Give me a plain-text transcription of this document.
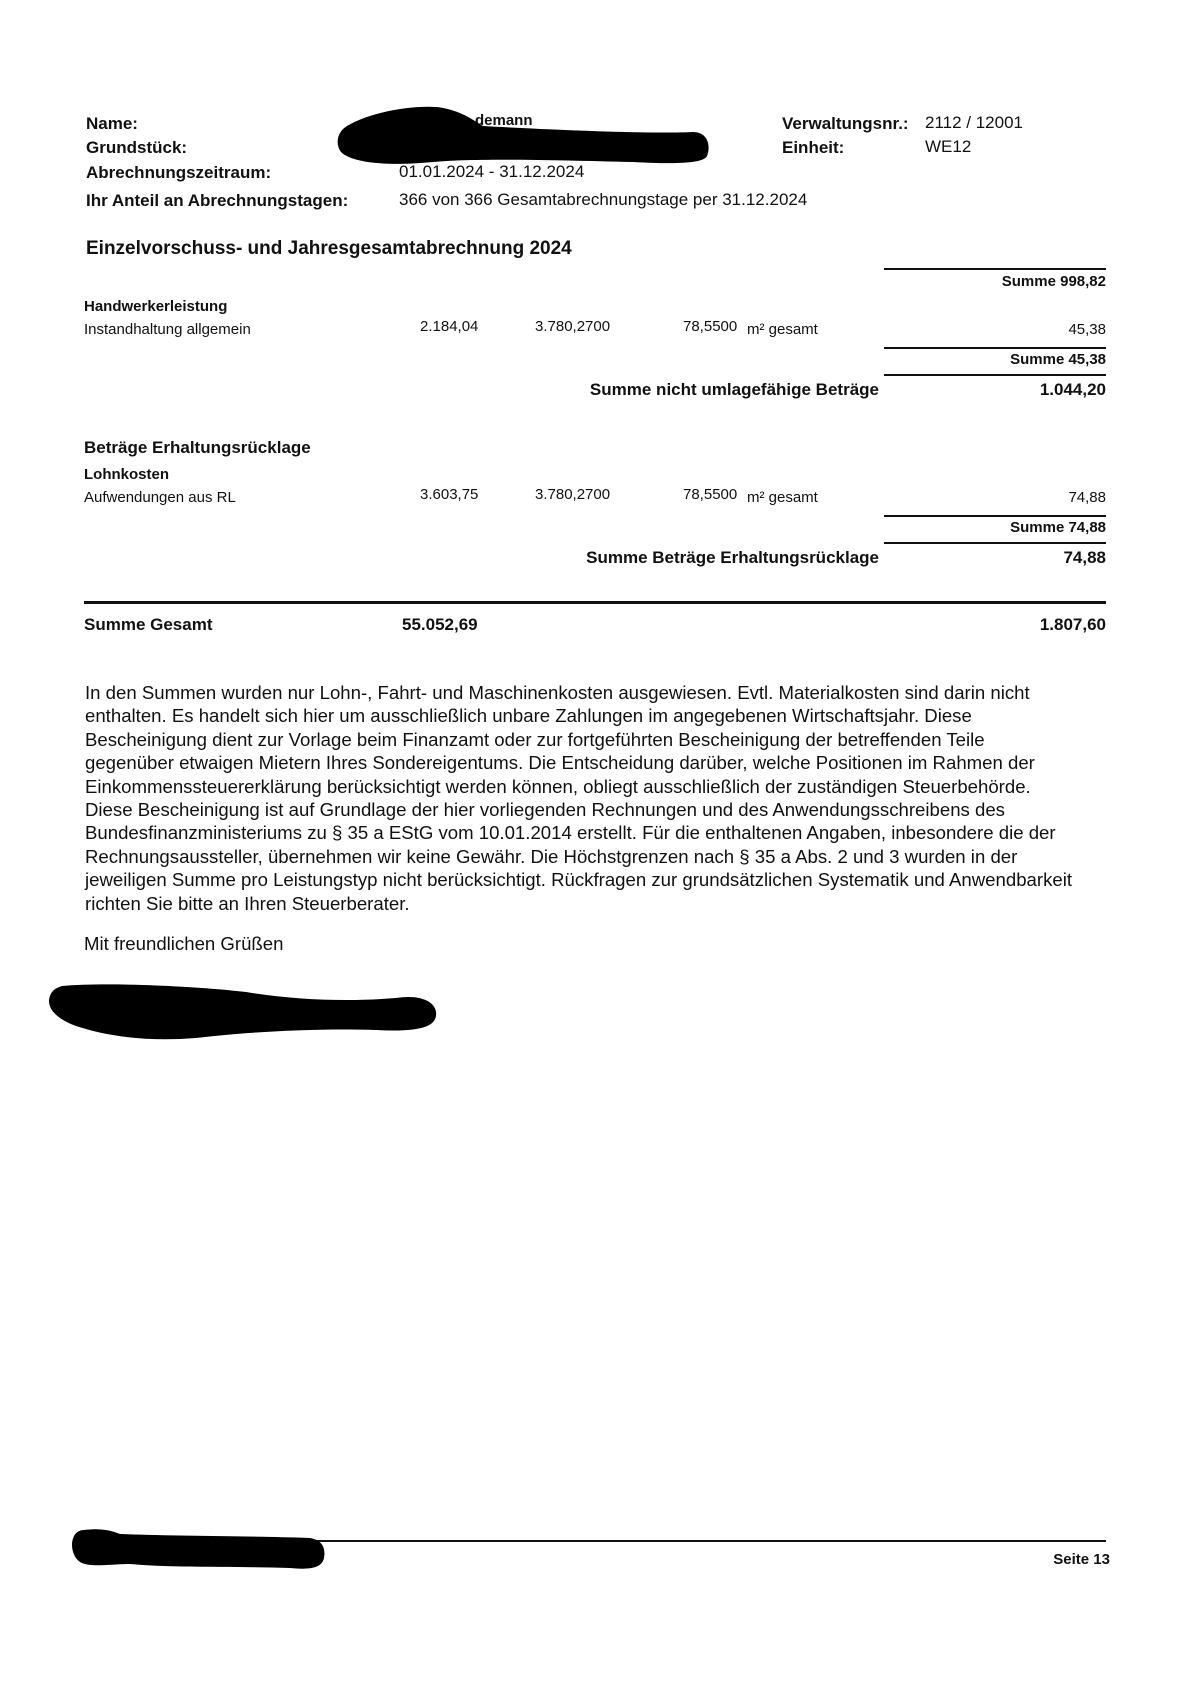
Name:
Grundstück:
Abrechnungszeitraum:	01.01.2024 - 31.12.2024
Ihr Anteil an Abrechnungstagen:	366 von 366 Gesamtabrechnungstage per 31.12.2024
demann	Verwaltungsnr.: 2112 / 12001
Einheit:	WE12
Einzelvorschuss- und Jahresgesamtabrechnung 2024
Summe 998,82
Handwerkerleistung
Instandhaltung allgemein	2.184,04	3.780,2700	78,5500 m² gesamt	45,38
Summe 45,38
Summe nicht umlagefähige Beträge	1.044,20
Beträge Erhaltungsrücklage
Lohnkosten
Aufwendungen aus RL	3.603,75	3.780,2700	78,5500 m² gesamt	74,88
Summe 74,88
Summe Beträge Erhaltungsrücklage	74,88
Summe Gesamt	55.052,69	1.807,60
In den Summen wurden nur Lohn-, Fahrt- und Maschinenkosten ausgewiesen. Evtl. Materialkosten sind darin nicht
enthalten. Es handelt sich hier um ausschließlich unbare Zahlungen im angegebenen Wirtschaftsjahr. Diese
Bescheinigung dient zur Vorlage beim Finanzamt oder zur fortgeführten Bescheinigung der betreffenden Teile
gegenüber etwaigen Mietern Ihres Sondereigentums. Die Entscheidung darüber, welche Positionen im Rahmen der
Einkommenssteuererklärung berücksichtigt werden können, obliegt ausschließlich der zuständigen Steuerbehörde.
Diese Bescheinigung ist auf Grundlage der hier vorliegenden Rechnungen und des Anwendungsschreibens des
Bundesfinanzministeriums zu § 35 a EStG vom 10.01.2014 erstellt. Für die enthaltenen Angaben, inbesondere die der
Rechnungsaussteller, übernehmen wir keine Gewähr. Die Höchstgrenzen nach § 35 a Abs. 2 und 3 wurden in der
jeweiligen Summe pro Leistungstyp nicht berücksichtigt. Rückfragen zur grundsätzlichen Systematik und Anwendbarkeit
richten Sie bitte an Ihren Steuerberater.
Mit freundlichen Grüßen
Seite 13
